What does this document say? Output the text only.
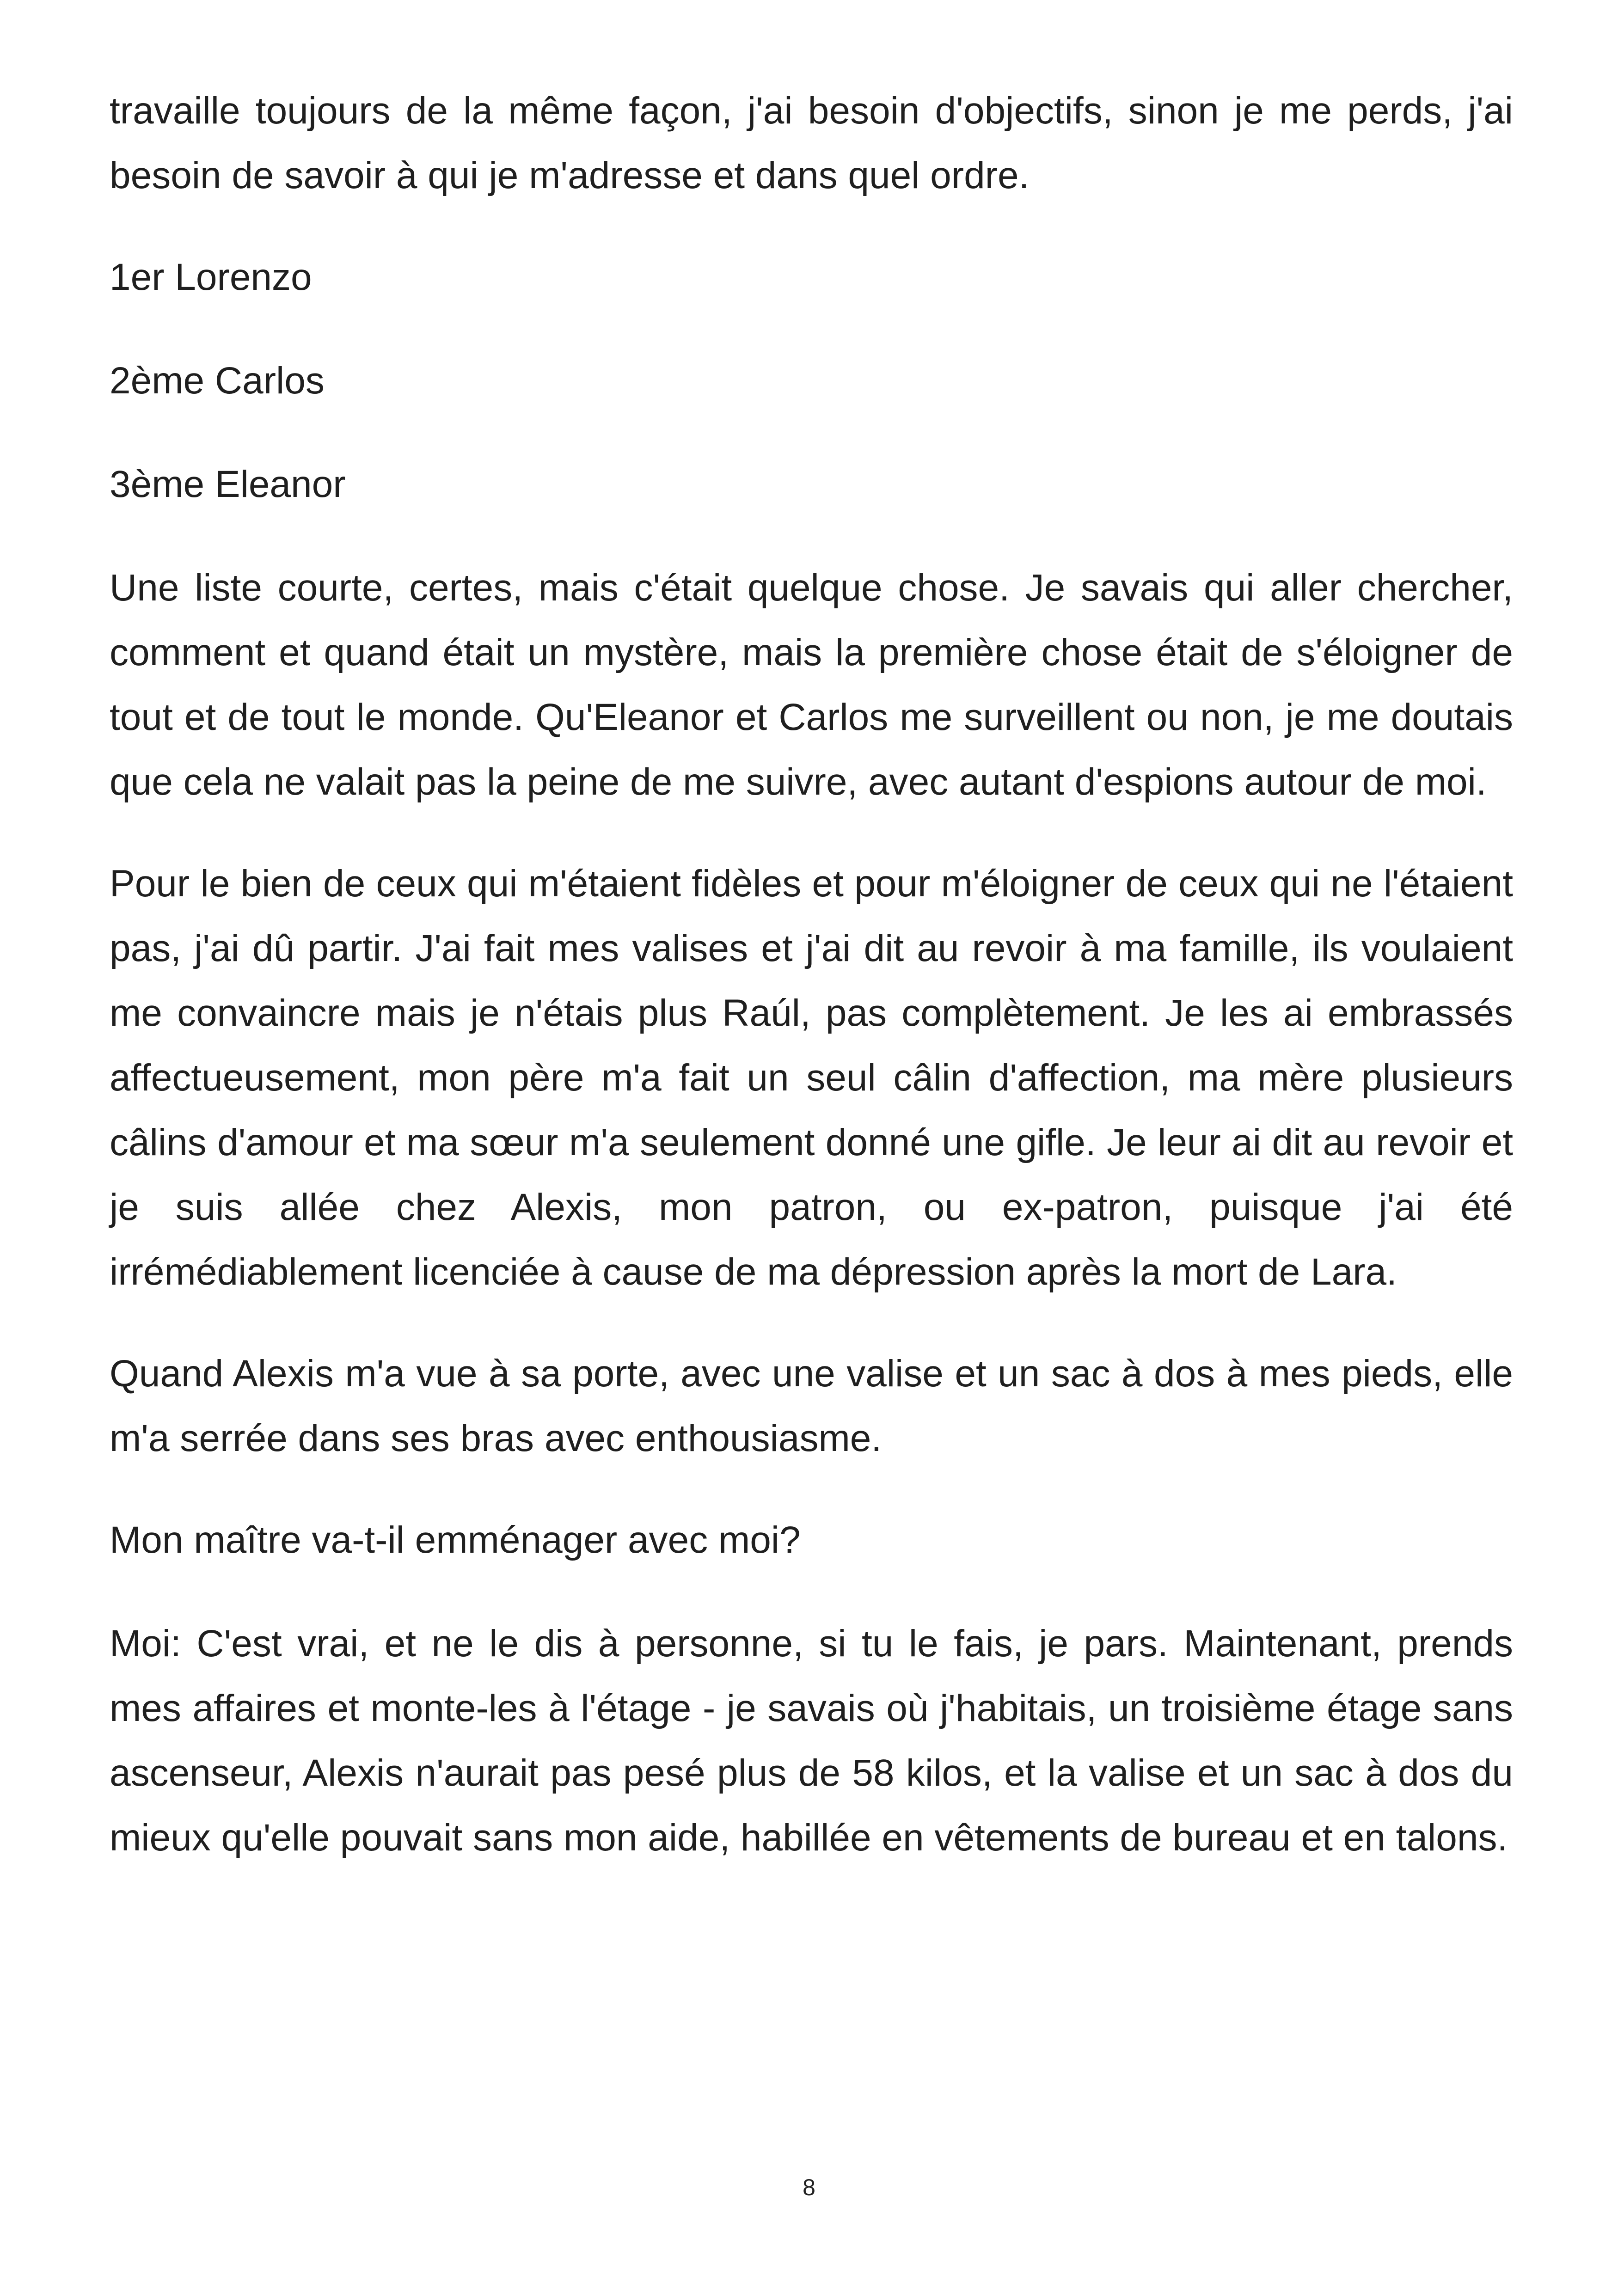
travaille toujours de la même façon, j'ai besoin d'objectifs, sinon je me perds, j'ai besoin de savoir à qui je m'adresse et dans quel ordre.

1er Lorenzo

2ème Carlos

3ème Eleanor

Une liste courte, certes, mais c'était quelque chose. Je savais qui aller chercher, comment et quand était un mystère, mais la première chose était de s'éloigner de tout et de tout le monde. Qu'Eleanor et Carlos me surveillent ou non, je me doutais que cela ne valait pas la peine de me suivre, avec autant d'espions autour de moi.

Pour le bien de ceux qui m'étaient fidèles et pour m'éloigner de ceux qui ne l'étaient pas, j'ai dû partir. J'ai fait mes valises et j'ai dit au revoir à ma famille, ils voulaient me convaincre mais je n'étais plus Raúl, pas complètement. Je les ai embrassés affectueusement, mon père m'a fait un seul câlin d'affection, ma mère plusieurs câlins d'amour et ma sœur m'a seulement donné une gifle. Je leur ai dit au revoir et je suis allée chez Alexis, mon patron, ou ex-patron, puisque j'ai été irrémédiablement licenciée à cause de ma dépression après la mort de Lara.

Quand Alexis m'a vue à sa porte, avec une valise et un sac à dos à mes pieds, elle m'a serrée dans ses bras avec enthousiasme.

Mon maître va-t-il emménager avec moi?

Moi: C'est vrai, et ne le dis à personne, si tu le fais, je pars. Maintenant, prends mes affaires et monte-les à l'étage - je savais où j'habitais, un troisième étage sans ascenseur, Alexis n'aurait pas pesé plus de 58 kilos, et la valise et un sac à dos du mieux qu'elle pouvait sans mon aide, habillée en vêtements de bureau et en talons.

8
